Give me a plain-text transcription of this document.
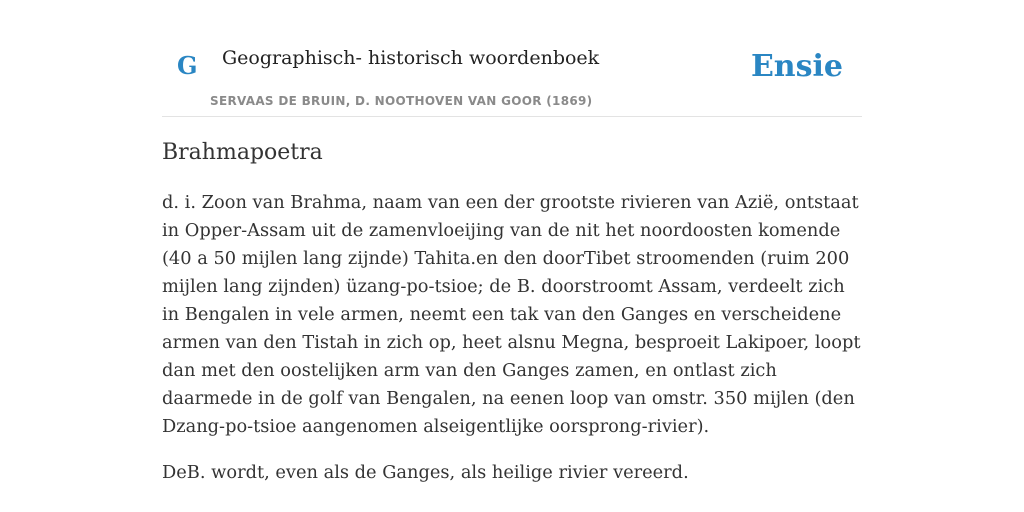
G Geographisch- historisch woordenboek
SERVAAS DE BRUIN, D. NOOTHOVEN VAN GOOR (1869)
Ensie
Brahmapoetra

d. i. Zoon van Brahma, naam van een der grootste rivieren van Azië, ontstaat in Opper-Assam uit de zamenvloeijing van de nit het noordoosten komende (40 a 50 mijlen lang zijnde) Tahita.en den doorTibet stroomenden (ruim 200 mijlen lang zijnden) üzang-po-tsioe; de B. doorstroomt Assam, verdeelt zich in Bengalen in vele armen, neemt een tak van den Ganges en verscheidene armen van den Tistah in zich op, heet alsnu Megna, besproeit Lakipoer, loopt dan met den oostelijken arm van den Ganges zamen, en ontlast zich daarmede in de golf van Bengalen, na eenen loop van omstr. 350 mijlen (den Dzang-po-tsioe aangenomen alseigentlijke oorsprong-rivier).

DeB. wordt, even als de Ganges, als heilige rivier vereerd.
